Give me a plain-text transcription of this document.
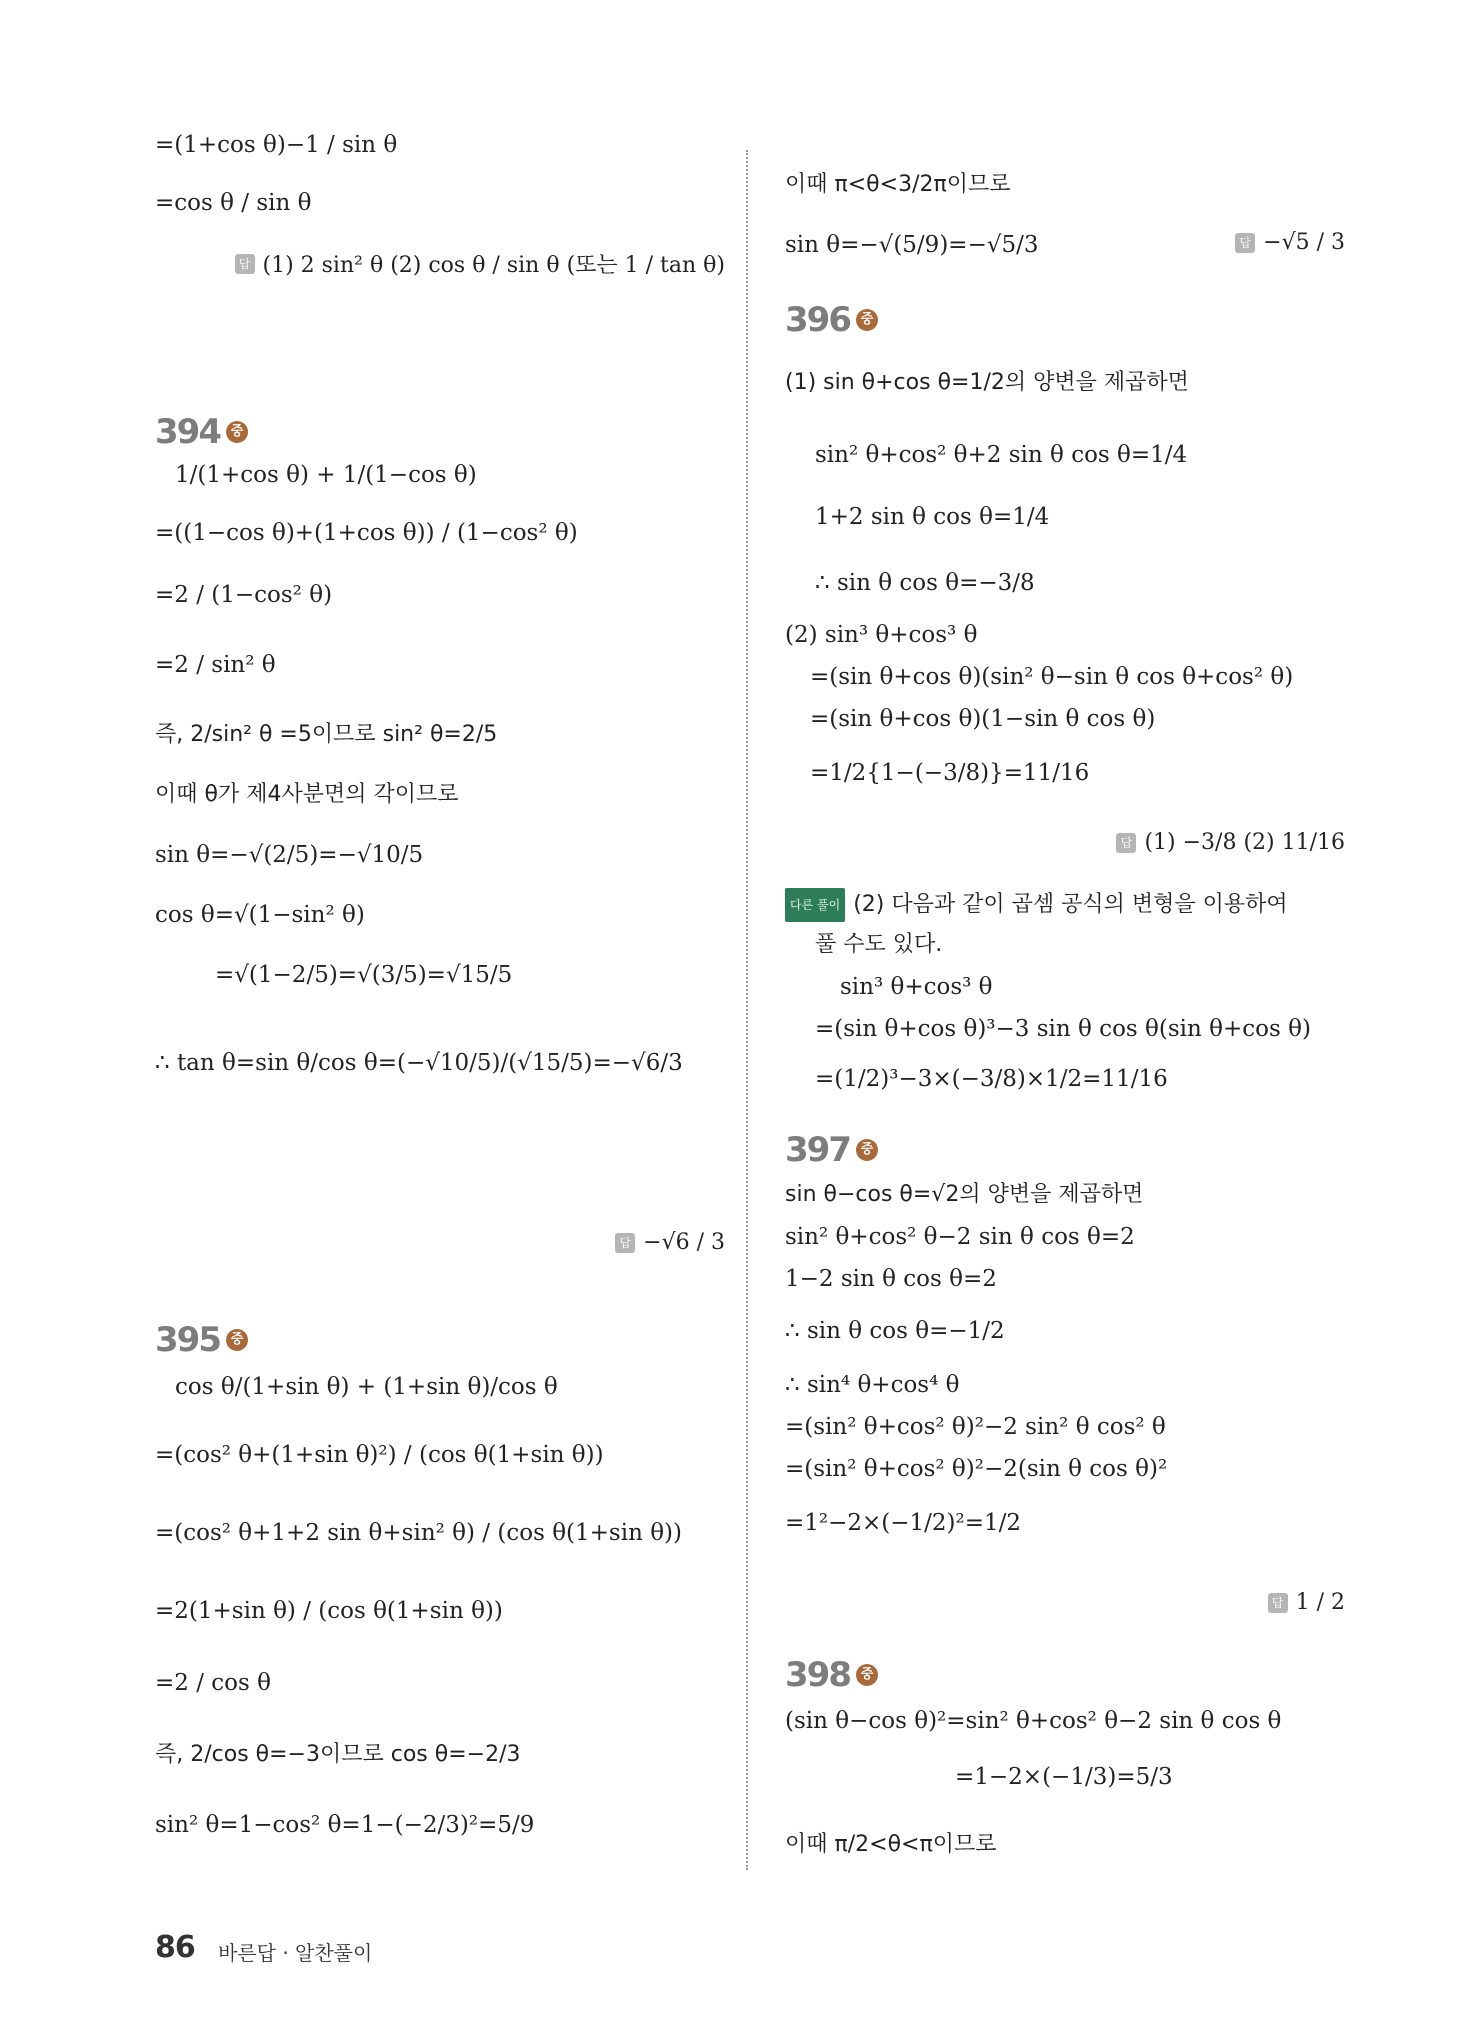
=(1+cos θ)−1 / sin θ
=cos θ / sin θ
답 (1) 2 sin² θ (2) cos θ / sin θ (또는 1 / tan θ)
394 중
1/(1+cos θ) + 1/(1−cos θ)
=((1−cos θ)+(1+cos θ)) / (1−cos² θ)
=2 / (1−cos² θ)
=2 / sin² θ
즉, 2/sin² θ =5이므로 sin² θ=2/5
이때 θ가 제4사분면의 각이므로
sin θ=−√(2/5)=−√10/5
cos θ=√(1−sin² θ)
=√(1−2/5)=√(3/5)=√15/5
∴ tan θ=sin θ/cos θ=(−√10/5)/(√15/5)=−√6/3
답 −√6 / 3
395 중
cos θ/(1+sin θ) + (1+sin θ)/cos θ
=(cos² θ+(1+sin θ)²) / (cos θ(1+sin θ))
=(cos² θ+1+2 sin θ+sin² θ) / (cos θ(1+sin θ))
=2(1+sin θ) / (cos θ(1+sin θ))
=2 / cos θ
즉, 2/cos θ=−3이므로 cos θ=−2/3
sin² θ=1−cos² θ=1−(−2/3)²=5/9
이때 π<θ<3/2π이므로
sin θ=−√(5/9)=−√5/3	답 −√5 / 3
396 중
(1) sin θ+cos θ=1/2의 양변을 제곱하면
sin² θ+cos² θ+2 sin θ cos θ=1/4
1+2 sin θ cos θ=1/4
∴ sin θ cos θ=−3/8
(2) sin³ θ+cos³ θ
=(sin θ+cos θ)(sin² θ−sin θ cos θ+cos² θ)
=(sin θ+cos θ)(1−sin θ cos θ)
=1/2{1−(−3/8)}=11/16
답 (1) −3/8 (2) 11/16
다른 풀이 (2) 다음과 같이 곱셈 공식의 변형을 이용하여
풀 수도 있다.
sin³ θ+cos³ θ
=(sin θ+cos θ)³−3 sin θ cos θ(sin θ+cos θ)
=(1/2)³−3×(−3/8)×1/2=11/16
397 중
sin θ−cos θ=√2의 양변을 제곱하면
sin² θ+cos² θ−2 sin θ cos θ=2
1−2 sin θ cos θ=2
∴ sin θ cos θ=−1/2
∴ sin⁴ θ+cos⁴ θ
=(sin² θ+cos² θ)²−2 sin² θ cos² θ
=(sin² θ+cos² θ)²−2(sin θ cos θ)²
=1²−2×(−1/2)²=1/2
답 1 / 2
398 중
(sin θ−cos θ)²=sin² θ+cos² θ−2 sin θ cos θ
=1−2×(−1/3)=5/3
이때 π/2<θ<π이므로
86 바른답 · 알찬풀이
